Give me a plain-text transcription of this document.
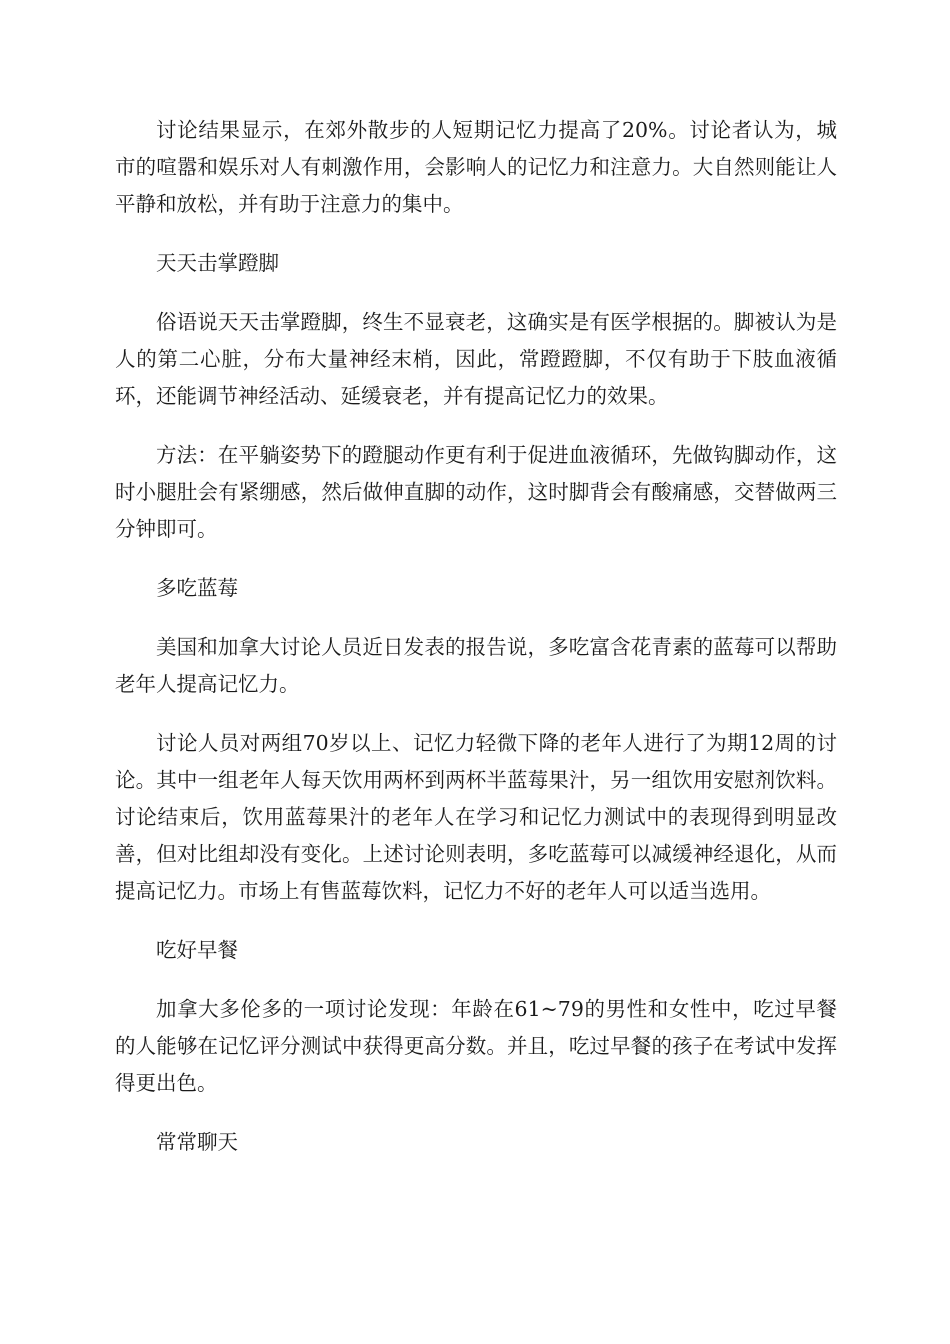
讨论结果显示，在郊外散步的人短期记忆力提高了20%。讨论者认为，城市的喧嚣和娱乐对人有刺激作用，会影响人的记忆力和注意力。大自然则能让人平静和放松，并有助于注意力的集中。

天天击掌蹬脚

俗语说天天击掌蹬脚，终生不显衰老，这确实是有医学根据的。脚被认为是人的第二心脏，分布大量神经末梢，因此，常蹬蹬脚，不仅有助于下肢血液循环，还能调节神经活动、延缓衰老，并有提高记忆力的效果。

方法：在平躺姿势下的蹬腿动作更有利于促进血液循环，先做钩脚动作，这时小腿肚会有紧绷感，然后做伸直脚的动作，这时脚背会有酸痛感，交替做两三分钟即可。

多吃蓝莓

美国和加拿大讨论人员近日发表的报告说，多吃富含花青素的蓝莓可以帮助老年人提高记忆力。

讨论人员对两组70岁以上、记忆力轻微下降的老年人进行了为期12周的讨论。其中一组老年人每天饮用两杯到两杯半蓝莓果汁，另一组饮用安慰剂饮料。讨论结束后，饮用蓝莓果汁的老年人在学习和记忆力测试中的表现得到明显改善，但对比组却没有变化。上述讨论则表明，多吃蓝莓可以减缓神经退化，从而提高记忆力。市场上有售蓝莓饮料，记忆力不好的老年人可以适当选用。

吃好早餐

加拿大多伦多的一项讨论发现：年龄在61~79的男性和女性中，吃过早餐的人能够在记忆评分测试中获得更高分数。并且，吃过早餐的孩子在考试中发挥得更出色。

常常聊天
